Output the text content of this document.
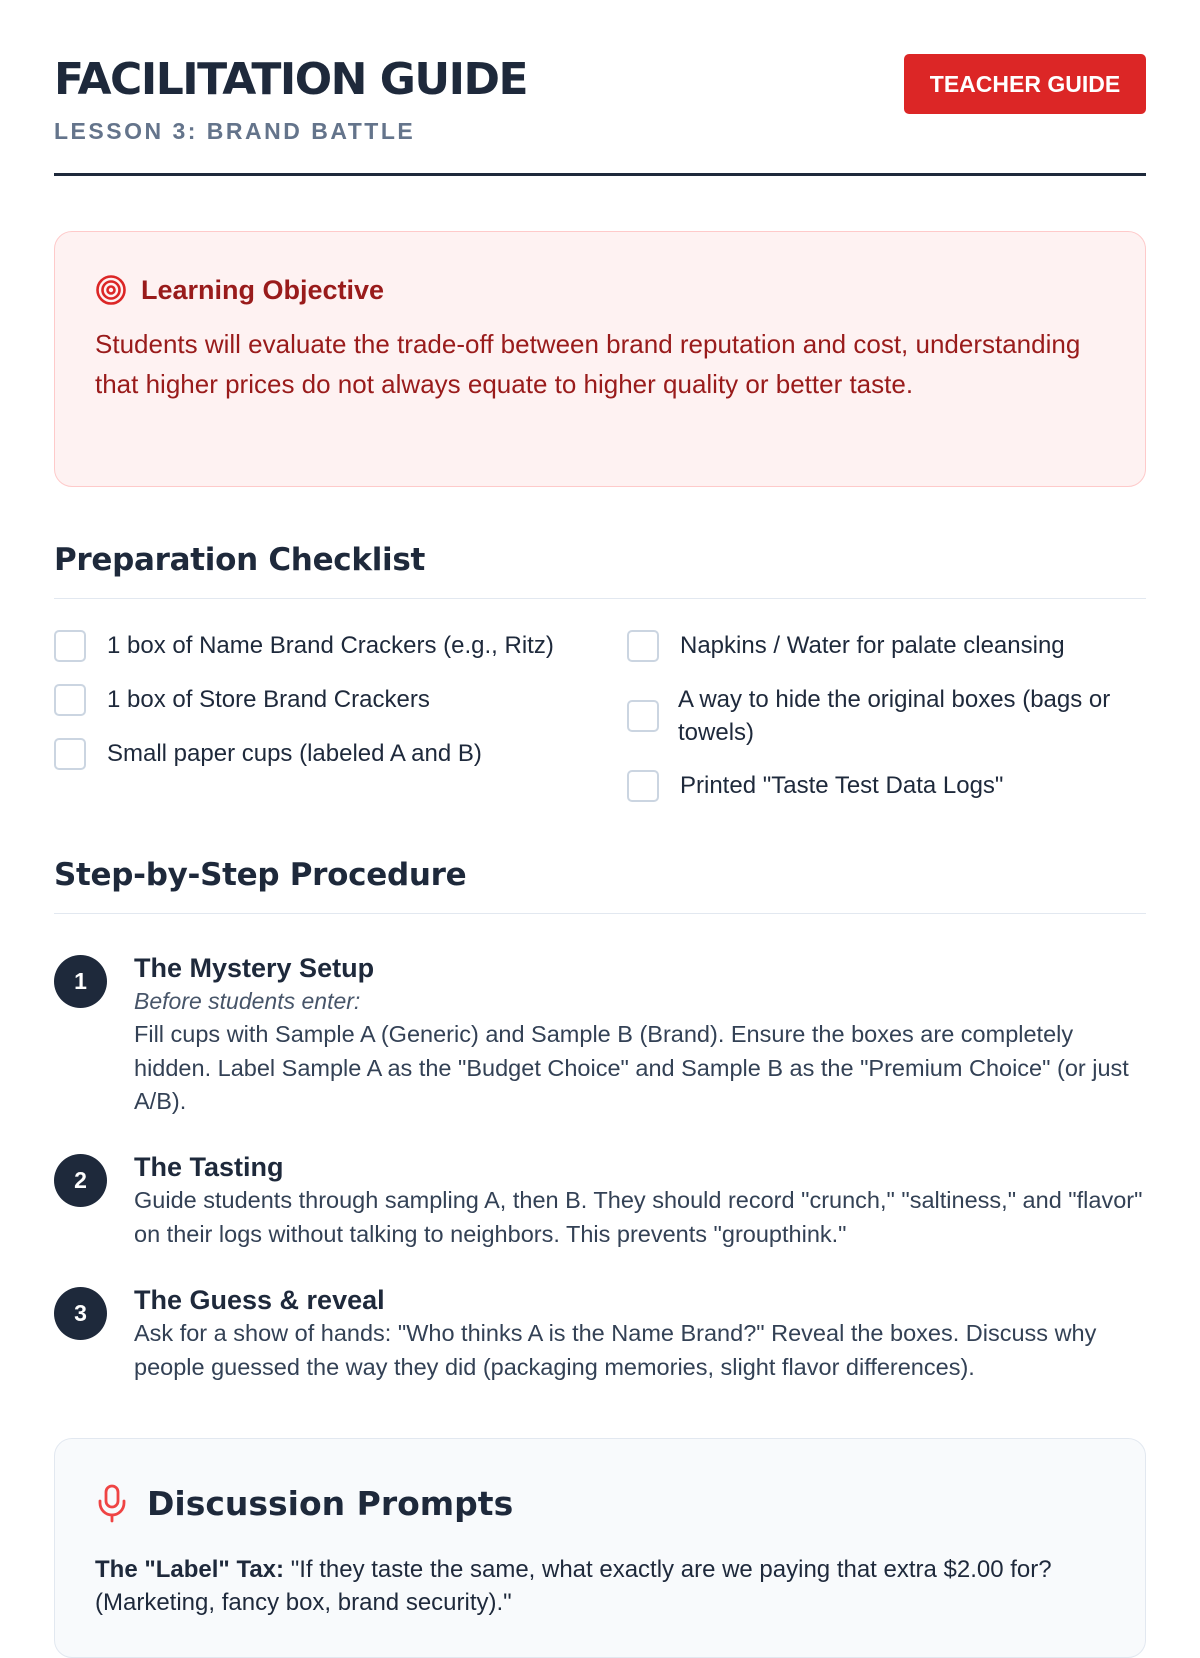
FACILITATION GUIDE
LESSON 3: BRAND BATTLE
TEACHER GUIDE
Learning Objective
Students will evaluate the trade-off between brand reputation and cost, understanding that higher prices do not always equate to higher quality or better taste.
Preparation Checklist
1 box of Name Brand Crackers (e.g., Ritz)
1 box of Store Brand Crackers
Small paper cups (labeled A and B)
Napkins / Water for palate cleansing
A way to hide the original boxes (bags or towels)
Printed "Taste Test Data Logs"
Step-by-Step Procedure
1	The Mystery Setup
Before students enter:
Fill cups with Sample A (Generic) and Sample B (Brand). Ensure the boxes are completely hidden. Label Sample A as the "Budget Choice" and Sample B as the "Premium Choice" (or just A/B).
2	The Tasting
Guide students through sampling A, then B. They should record "crunch," "saltiness," and "flavor" on their logs without talking to neighbors. This prevents "groupthink."
3	The Guess & reveal
Ask for a show of hands: "Who thinks A is the Name Brand?" Reveal the boxes. Discuss why people guessed the way they did (packaging memories, slight flavor differences).
Discussion Prompts
The "Label" Tax: "If they taste the same, what exactly are we paying that extra $2.00 for? (Marketing, fancy box, brand security)."
